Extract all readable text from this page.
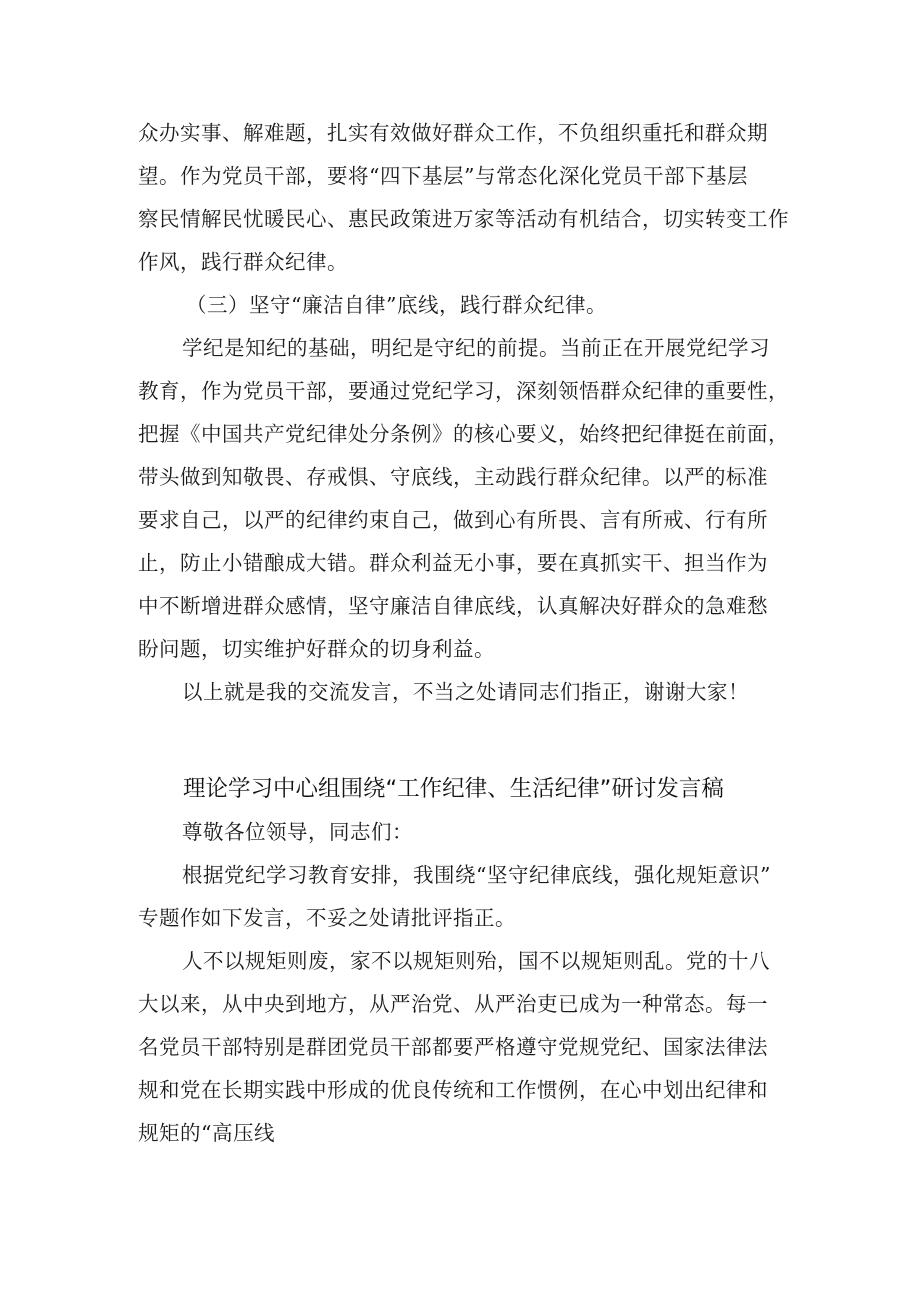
众办实事、解难题，扎实有效做好群众工作，不负组织重托和群众期
望。作为党员干部，要将“四下基层”与常态化深化党员干部下基层
察民情解民忧暖民心、惠民政策进万家等活动有机结合，切实转变工作
作风，践行群众纪律。
（三）坚守“廉洁自律”底线，践行群众纪律。
学纪是知纪的基础，明纪是守纪的前提。当前正在开展党纪学习
教育，作为党员干部，要通过党纪学习，深刻领悟群众纪律的重要性，
把握《中国共产党纪律处分条例》的核心要义，始终把纪律挺在前面，
带头做到知敬畏、存戒惧、守底线，主动践行群众纪律。以严的标准
要求自己，以严的纪律约束自己，做到心有所畏、言有所戒、行有所
止，防止小错酿成大错。群众利益无小事，要在真抓实干、担当作为
中不断增进群众感情，坚守廉洁自律底线，认真解决好群众的急难愁
盼问题，切实维护好群众的切身利益。
以上就是我的交流发言，不当之处请同志们指正，谢谢大家！
理论学习中心组围绕“工作纪律、生活纪律”研讨发言稿
尊敬各位领导，同志们：
根据党纪学习教育安排，我围绕“坚守纪律底线，强化规矩意识”
专题作如下发言，不妥之处请批评指正。
人不以规矩则废，家不以规矩则殆，国不以规矩则乱。党的十八
大以来，从中央到地方，从严治党、从严治吏已成为一种常态。每一
名党员干部特别是群团党员干部都要严格遵守党规党纪、国家法律法
规和党在长期实践中形成的优良传统和工作惯例，在心中划出纪律和
规矩的“高压线
